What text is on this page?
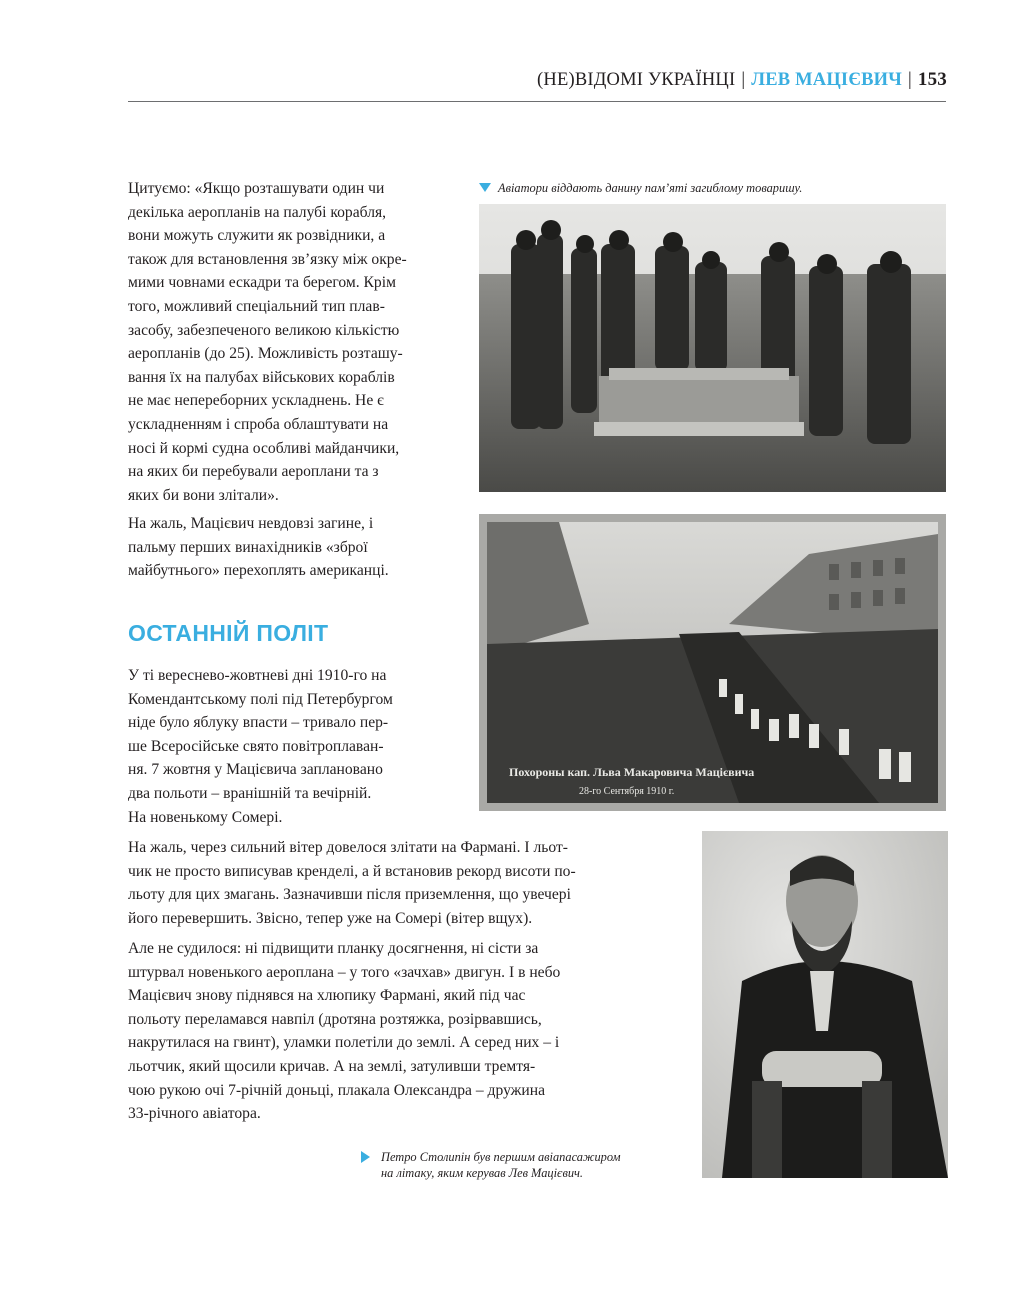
(НЕ)ВІДОМІ УКРАЇНЦІ | ЛЕВ МАЦІЄВИЧ | 153

Цитуємо: «Якщо розташувати один чи

декілька аеропланів на палубі корабля,

вони можуть служити як розвідники, а

також для встановлення зв’язку між окре-

мими човнами ескадри та берегом. Крім

того, можливий спеціальний тип плав-

засобу, забезпеченого великою кількістю

аеропланів (до 25). Можливість розташу-

вання їх на палубах військових кораблів

не має непереборних ускладнень. Не є

ускладненням і спроба облаштувати на

носі й кормі судна особливі майданчики,

на яких би перебували аероплани та з

яких би вони злітали».

На жаль, Мацієвич невдовзі загине, і

пальму перших винахідників «зброї

майбутнього» перехоплять американці.

ОСТАННІЙ ПОЛІТ

У ті вереснево-жовтневі дні 1910-го на

Комендантському полі під Петербургом

ніде було яблуку впасти – тривало пер-

ше Всеросійське свято повітроплаван-

ня. 7 жовтня у Мацієвича заплановано

два польоти – вранішній та вечірній.

На новенькому Сомері.

На жаль, через сильний вітер довелося злітати на Фармані. І льот-

чик не просто виписував кренделі, а й встановив рекорд висоти по-

льоту для цих змагань. Зазначивши після приземлення, що увечері

його перевершить. Звісно, тепер уже на Сомері (вітер вщух).

Але не судилося: ні підвищити планку досягнення, ні сісти за

штурвал новенького аероплана – у того «зачхав» двигун. І в небо

Мацієвич знову піднявся на хлюпику Фармані, який під час

польоту переламався навпіл (дротяна розтяжка, розірвавшись,

накрутилася на гвинт), уламки полетіли до землі. А серед них – і

льотчик, який щосили кричав. А на землі, затуливши тремтя-

чою рукою очі 7-річній доньці, плакала Олександра – дружина

33-річного авіатора.

Авіатори віддають данину пам’яті загиблому товаришу.
Похороны кап. Льва Макаровича Мацієвича
28-го Сентября 1910 г.
Петро Столипін був першим авіапасажиром
на літаку, яким керував Лев Мацієвич.
